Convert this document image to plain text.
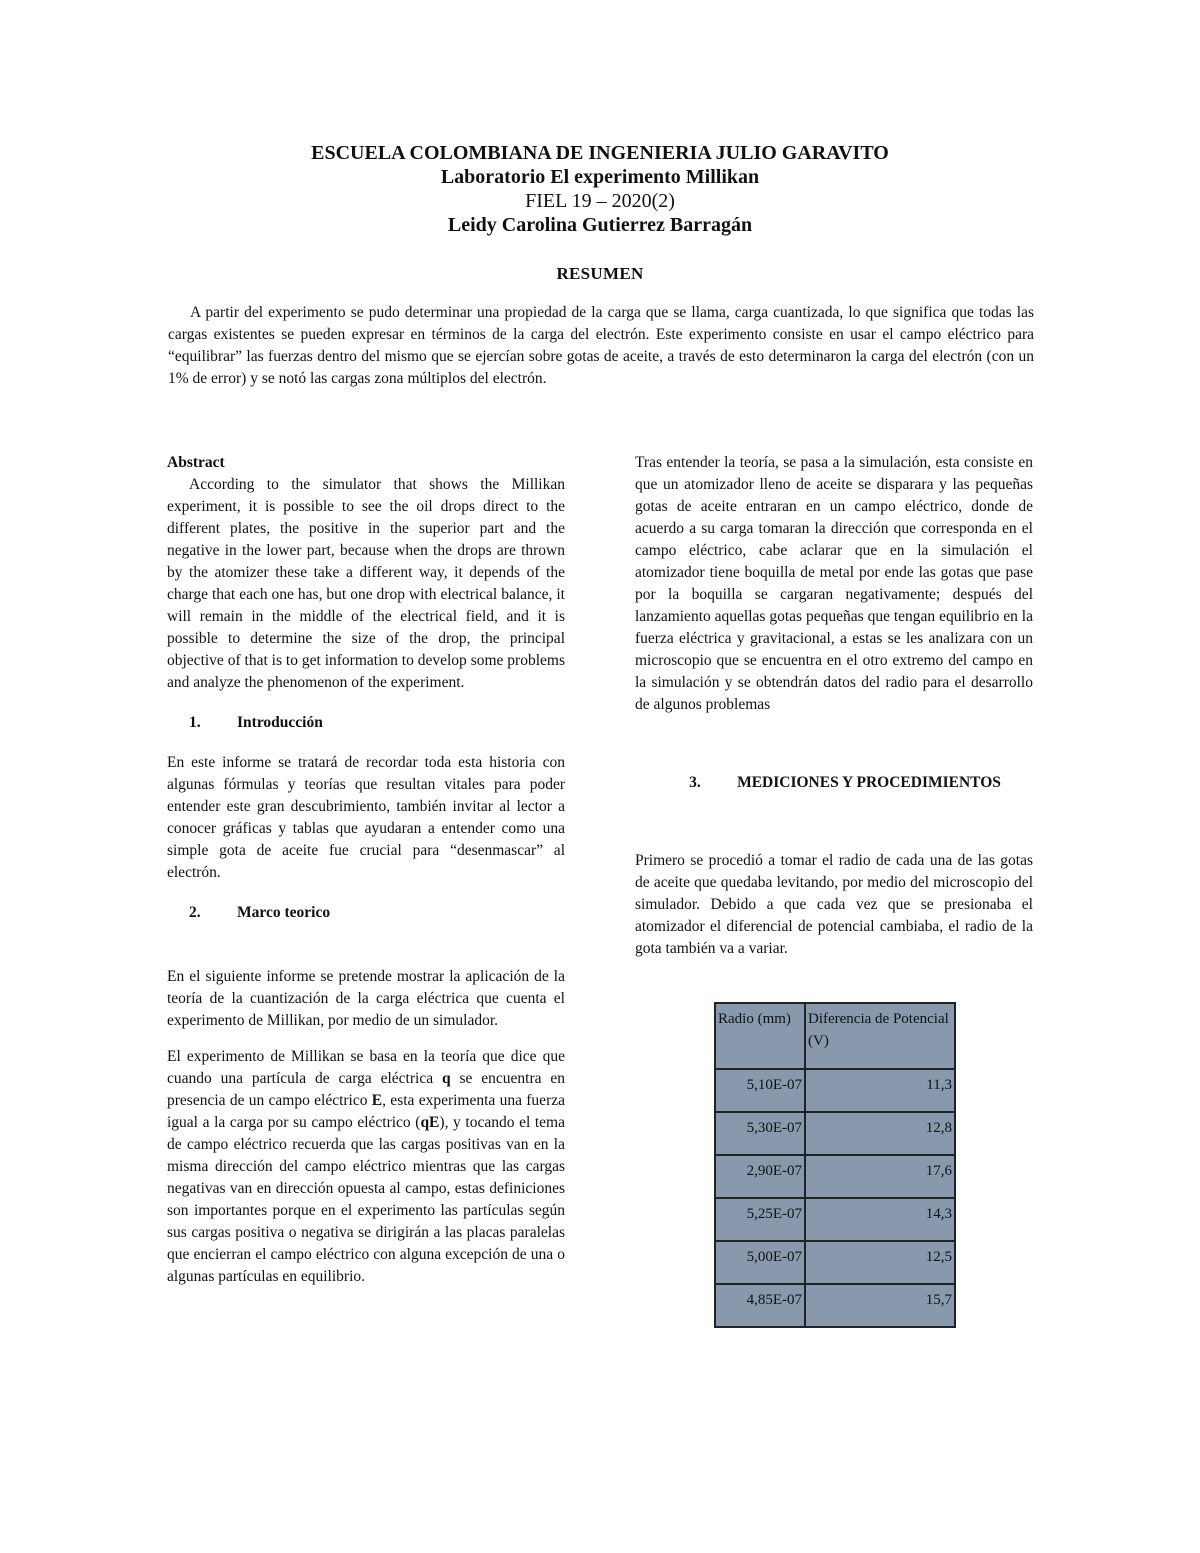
ESCUELA COLOMBIANA DE INGENIERIA JULIO GARAVITO

Laboratorio El experimento Millikan

FIEL 19 – 2020(2)

Leidy Carolina Gutierrez Barragán

RESUMEN

A partir del experimento se pudo determinar una propiedad de la carga que se llama, carga cuantizada, lo que significa que todas las cargas existentes se pueden expresar en términos de la carga del electrón. Este experimento consiste en usar el campo eléctrico para “equilibrar” las fuerzas dentro del mismo que se ejercían sobre gotas de aceite, a través de esto determinaron la carga del electrón (con un 1% de error) y se notó las cargas zona múltiplos del electrón.

Abstract

According to the simulator that shows the Millikan experiment, it is possible to see the oil drops direct to the different plates, the positive in the superior part and the negative in the lower part, because when the drops are thrown by the atomizer these take a different way, it depends of the charge that each one has, but one drop with electrical balance, it will remain in the middle of the electrical field, and it is possible to determine the size of the drop, the principal objective of that is to get information to develop some problems and analyze the phenomenon of the experiment.

1.	Introducción

En este informe se tratará de recordar toda esta historia con algunas fórmulas y teorías que resultan vitales para poder entender este gran descubrimiento, también invitar al lector a conocer gráficas y tablas que ayudaran a entender como una simple gota de aceite fue crucial para “desenmascar” al electrón.

2.	Marco teorico

En el siguiente informe se pretende mostrar la aplicación de la teoría de la cuantización de la carga eléctrica que cuenta el experimento de Millikan, por medio de un simulador.

El experimento de Millikan se basa en la teoría que dice que cuando una partícula de carga eléctrica q se encuentra en presencia de un campo eléctrico E, esta experimenta una fuerza igual a la carga por su campo eléctrico (qE), y tocando el tema de campo eléctrico recuerda que las cargas positivas van en la misma dirección del campo eléctrico mientras que las cargas negativas van en dirección opuesta al campo, estas definiciones son importantes porque en el experimento las partículas según sus cargas positiva o negativa se dirigirán a las placas paralelas que encierran el campo eléctrico con alguna excepción de una o algunas partículas en equilibrio.

Tras entender la teoría, se pasa a la simulación, esta consiste en que un atomizador lleno de aceite se disparara y las pequeñas gotas de aceite entraran en un campo eléctrico, donde de acuerdo a su carga tomaran la dirección que corresponda en el campo eléctrico, cabe aclarar que en la simulación el atomizador tiene boquilla de metal por ende las gotas que pase por la boquilla se cargaran negativamente; después del lanzamiento aquellas gotas pequeñas que tengan equilibrio en la fuerza eléctrica y gravitacional, a estas se les analizara con un microscopio que se encuentra en el otro extremo del campo en la simulación y se obtendrán datos del radio para el desarrollo de algunos problemas

3.	MEDICIONES Y PROCEDIMIENTOS

Primero se procedió a tomar el radio de cada una de las gotas de aceite que quedaba levitando, por medio del microscopio del simulador. Debido a que cada vez que se presionaba el atomizador el diferencial de potencial cambiaba, el radio de la gota también va a variar.

Radio (mm)	Diferencia de Potencial (V)
5,10E-07	11,3
5,30E-07	12,8
2,90E-07	17,6
5,25E-07	14,3
5,00E-07	12,5
4,85E-07	15,7
